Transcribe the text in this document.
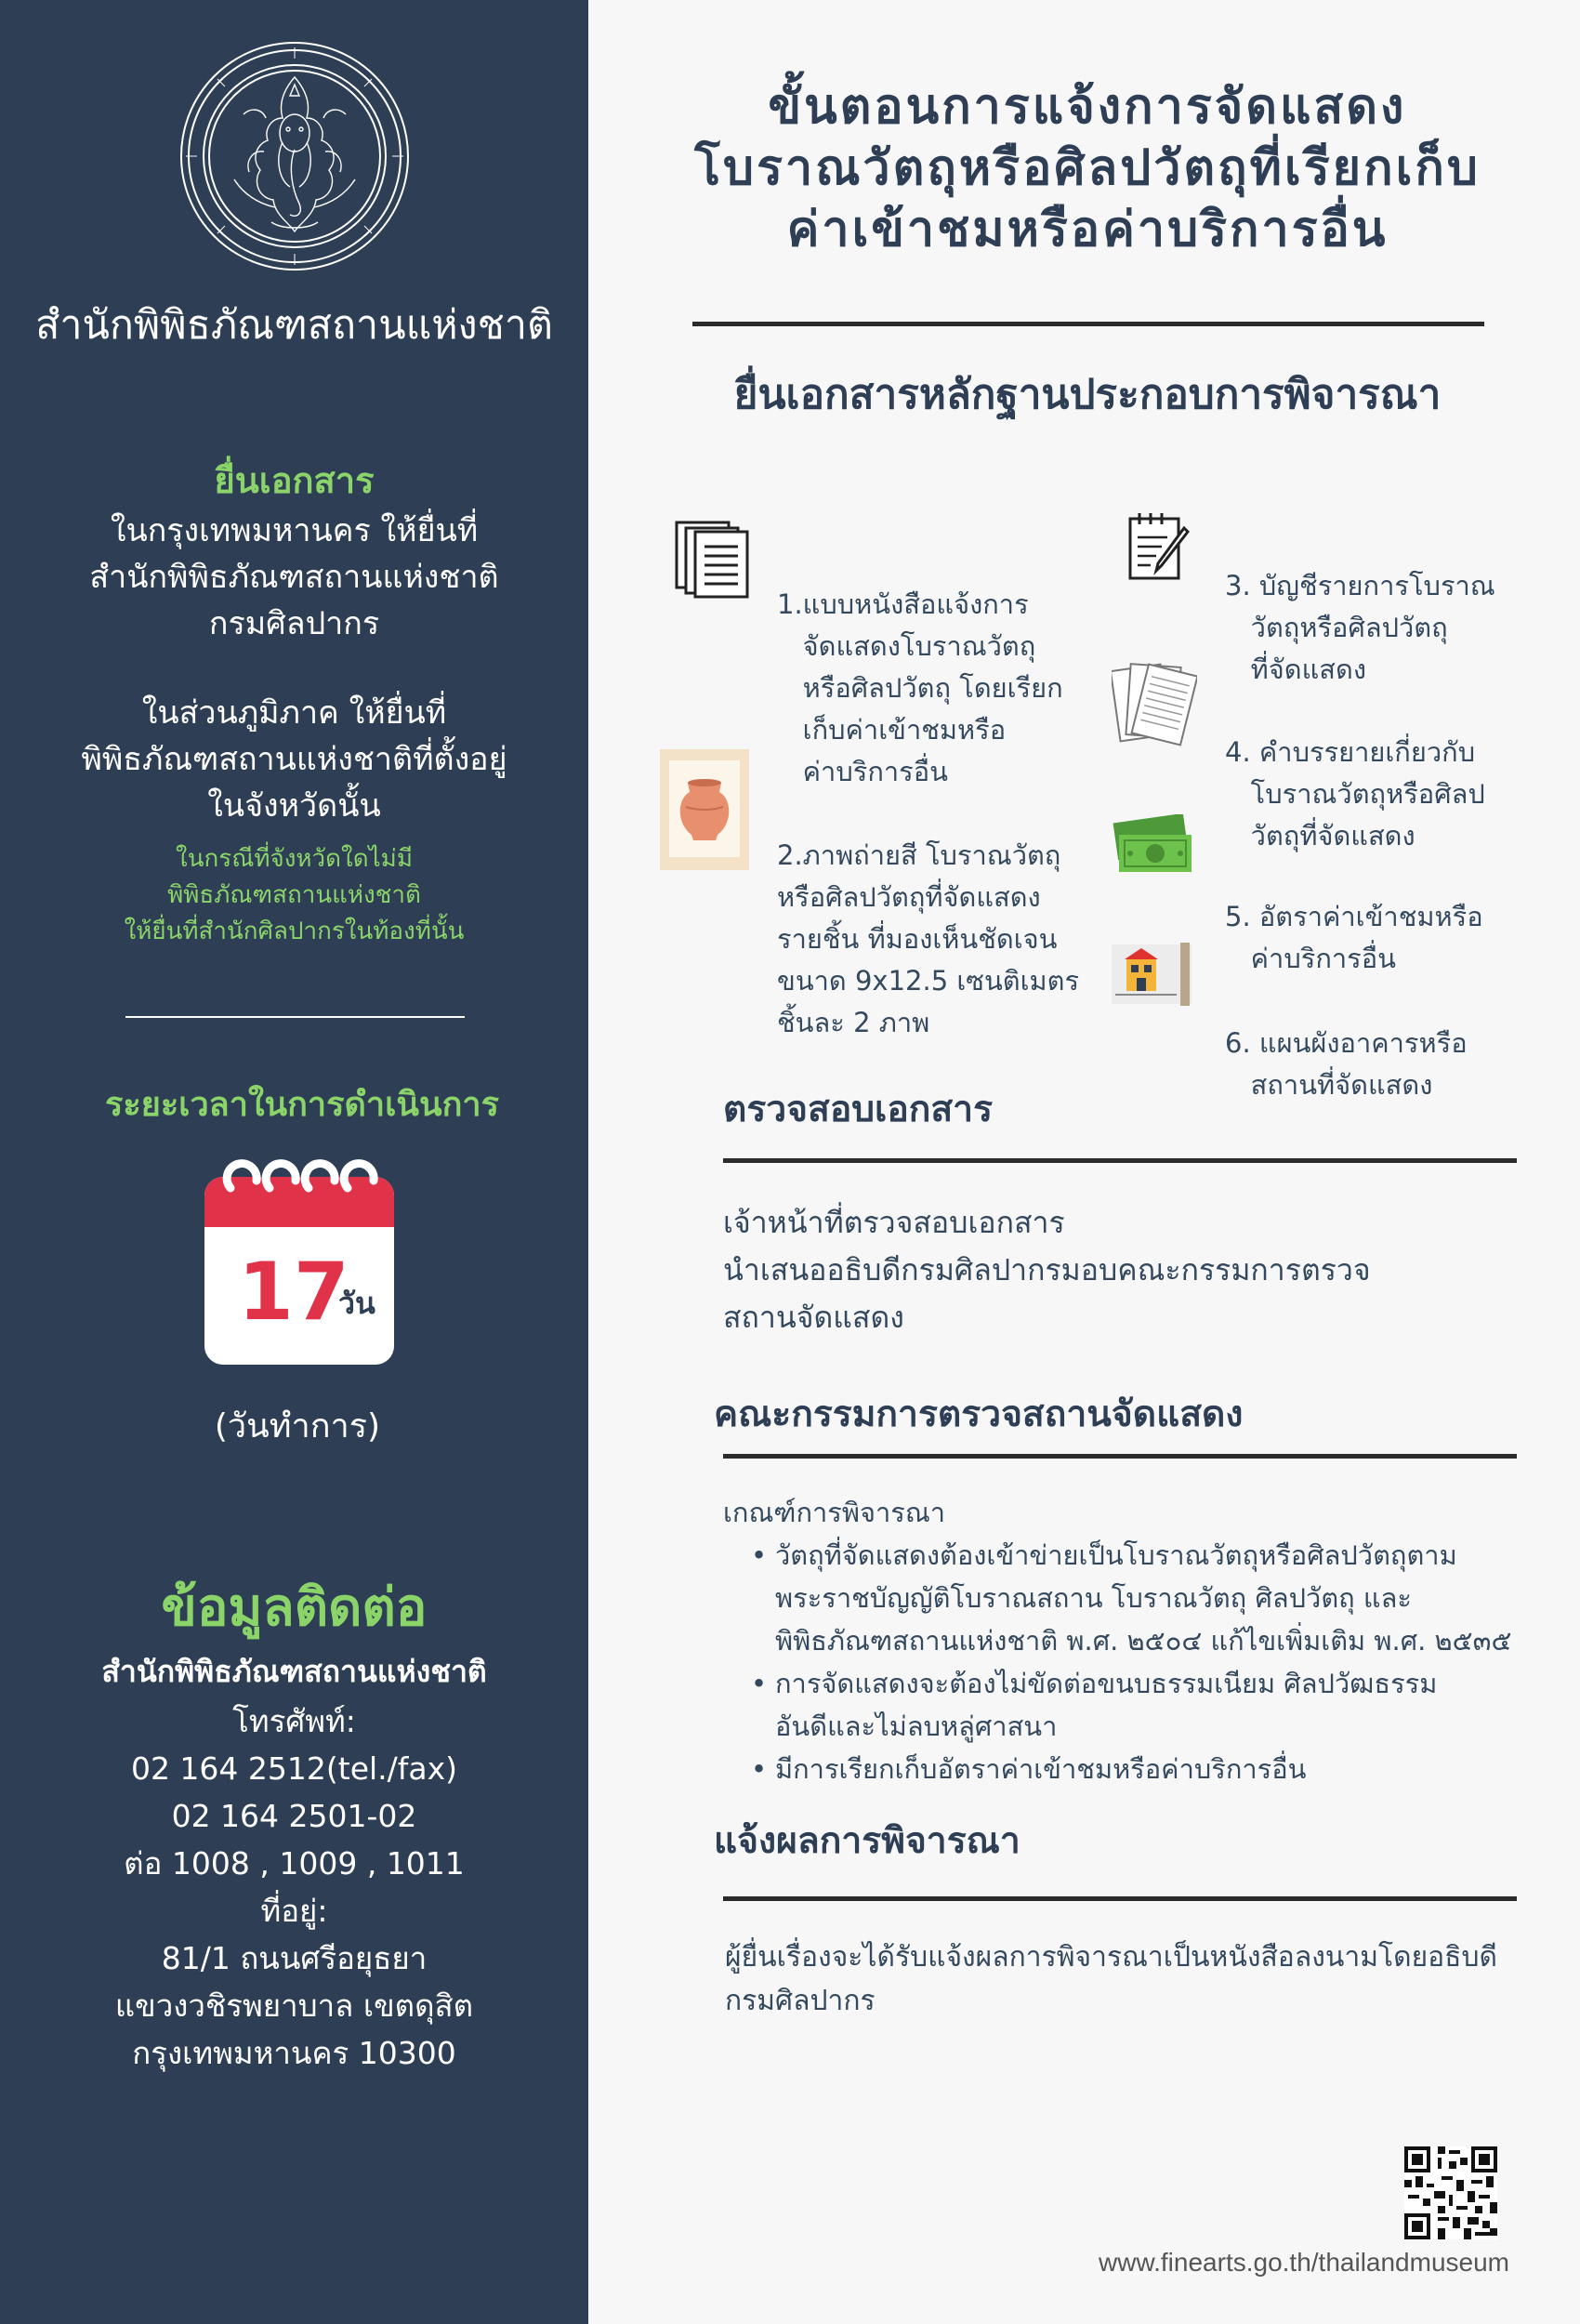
สำนักพิพิธภัณฑสถานแห่งชาติ
ยื่นเอกสาร
ในกรุงเทพมหานคร ให้ยื่นที่
สำนักพิพิธภัณฑสถานแห่งชาติ
กรมศิลปากร
ในส่วนภูมิภาค ให้ยื่นที่
พิพิธภัณฑสถานแห่งชาติที่ตั้งอยู่
ในจังหวัดนั้น
ในกรณีที่จังหวัดใดไม่มี
พิพิธภัณฑสถานแห่งชาติ
ให้ยื่นที่สำนักศิลปากรในท้องที่นั้น
ระยะเวลาในการดำเนินการ
17
วัน
(วันทำการ)
ข้อมูลติดต่อ
สำนักพิพิธภัณฑสถานแห่งชาติ
โทรศัพท์:
02 164 2512(tel./fax)
02 164 2501-02
ต่อ 1008 , 1009 , 1011
ที่อยู่:
81/1 ถนนศรีอยุธยา
แขวงวชิรพยาบาล เขตดุสิต
กรุงเทพมหานคร 10300
ขั้นตอนการแจ้งการจัดแสดง
โบราณวัตถุหรือศิลปวัตถุที่เรียกเก็บ
ค่าเข้าชมหรือค่าบริการอื่น
ยื่นเอกสารหลักฐานประกอบการพิจารณา

1.แบบหนังสือแจ้งการ
จัดแสดงโบราณวัตถุ
หรือศิลปวัตถุ โดยเรียก
เก็บค่าเข้าชมหรือ
ค่าบริการอื่น

2.ภาพถ่ายสี โบราณวัตถุ
หรือศิลปวัตถุที่จัดแสดง
รายชิ้น ที่มองเห็นชัดเจน
ขนาด 9x12.5 เซนติเมตร
ชิ้นละ 2 ภาพ

3. บัญชีรายการโบราณ
วัตถุหรือศิลปวัตถุ
ที่จัดแสดง

4. คำบรรยายเกี่ยวกับ
โบราณวัตถุหรือศิลป
วัตถุที่จัดแสดง

5. อัตราค่าเข้าชมหรือ
ค่าบริการอื่น

6. แผนผังอาคารหรือ
สถานที่จัดแสดง

ตรวจสอบเอกสาร
เจ้าหน้าที่ตรวจสอบเอกสาร
นำเสนออธิบดีกรมศิลปากรมอบคณะกรรมการตรวจ
สถานจัดแสดง
คณะกรรมการตรวจสถานจัดแสดง
เกณฑ์การพิจารณา
• วัตถุที่จัดแสดงต้องเข้าข่ายเป็นโบราณวัตถุหรือศิลปวัตถุตาม
พระราชบัญญัติโบราณสถาน โบราณวัตถุ ศิลปวัตถุ และ
พิพิธภัณฑสถานแห่งชาติ พ.ศ. ๒๕๐๔ แก้ไขเพิ่มเติม พ.ศ. ๒๕๓๕
• การจัดแสดงจะต้องไม่ขัดต่อขนบธรรมเนียม ศิลปวัฒธรรม
อันดีและไม่ลบหลู่ศาสนา
• มีการเรียกเก็บอัตราค่าเข้าชมหรือค่าบริการอื่น
แจ้งผลการพิจารณา
ผู้ยื่นเรื่องจะได้รับแจ้งผลการพิจารณาเป็นหนังสือลงนามโดยอธิบดี
กรมศิลปากร
www.finearts.go.th/thailandmuseum
